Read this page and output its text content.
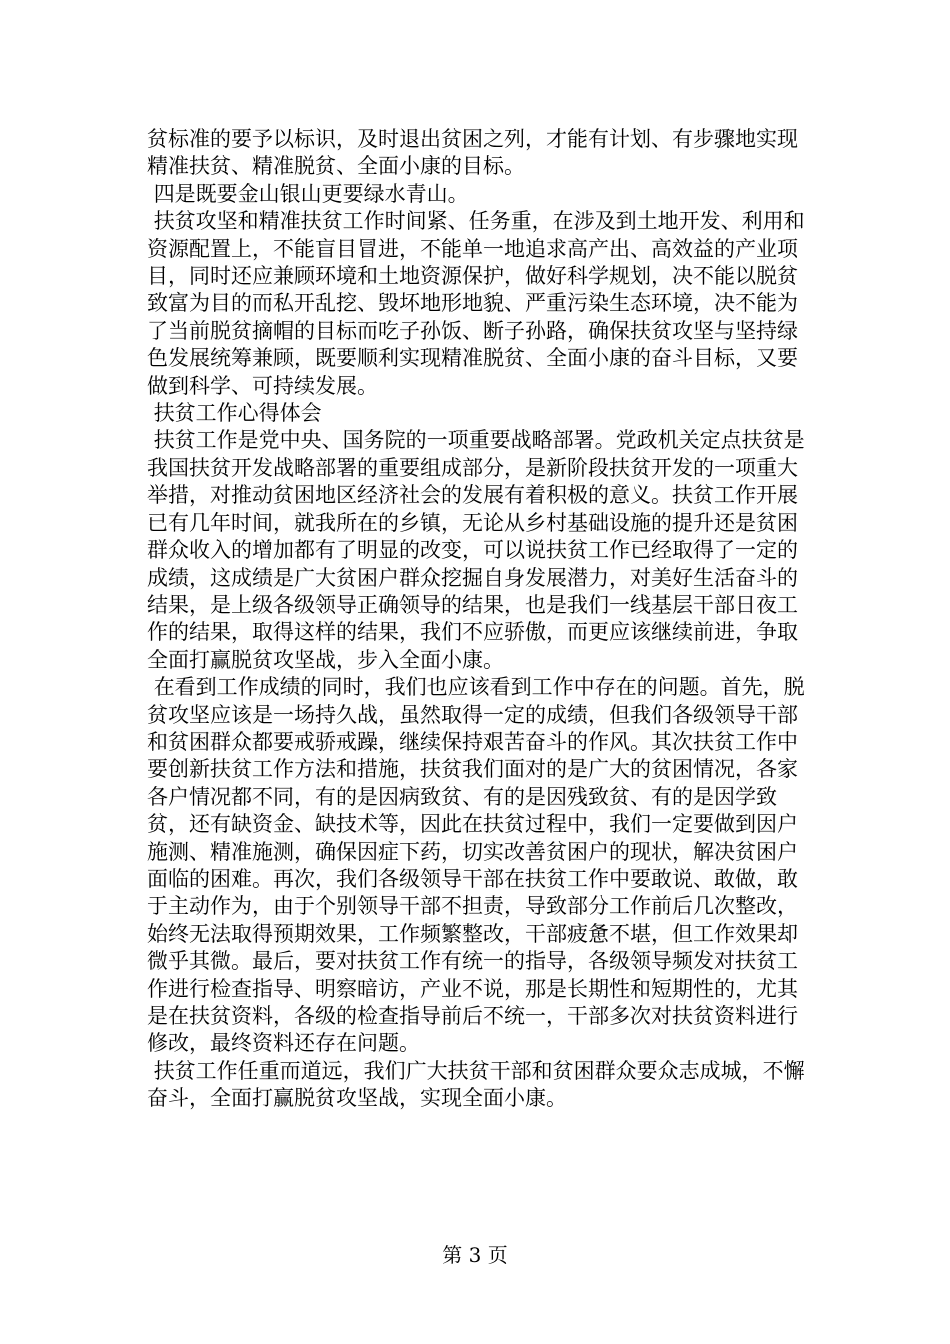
贫标准的要予以标识，及时退出贫困之列，才能有计划、有步骤地实现精准扶贫、精准脱贫、全面小康的目标。

四是既要金山银山更要绿水青山。

扶贫攻坚和精准扶贫工作时间紧、任务重，在涉及到土地开发、利用和资源配置上，不能盲目冒进，不能单一地追求高产出、高效益的产业项目，同时还应兼顾环境和土地资源保护，做好科学规划，决不能以脱贫致富为目的而私开乱挖、毁坏地形地貌、严重污染生态环境，决不能为了当前脱贫摘帽的目标而吃子孙饭、断子孙路，确保扶贫攻坚与坚持绿色发展统筹兼顾，既要顺利实现精准脱贫、全面小康的奋斗目标，又要做到科学、可持续发展。

扶贫工作心得体会

扶贫工作是党中央、国务院的一项重要战略部署。党政机关定点扶贫是我国扶贫开发战略部署的重要组成部分，是新阶段扶贫开发的一项重大举措，对推动贫困地区经济社会的发展有着积极的意义。扶贫工作开展已有几年时间，就我所在的乡镇，无论从乡村基础设施的提升还是贫困群众收入的增加都有了明显的改变，可以说扶贫工作已经取得了一定的成绩，这成绩是广大贫困户群众挖掘自身发展潜力，对美好生活奋斗的结果，是上级各级领导正确领导的结果，也是我们一线基层干部日夜工作的结果，取得这样的结果，我们不应骄傲，而更应该继续前进，争取全面打赢脱贫攻坚战，步入全面小康。

在看到工作成绩的同时，我们也应该看到工作中存在的问题。首先，脱贫攻坚应该是一场持久战，虽然取得一定的成绩，但我们各级领导干部和贫困群众都要戒骄戒躁，继续保持艰苦奋斗的作风。其次扶贫工作中要创新扶贫工作方法和措施，扶贫我们面对的是广大的贫困情况，各家各户情况都不同，有的是因病致贫、有的是因残致贫、有的是因学致贫，还有缺资金、缺技术等，因此在扶贫过程中，我们一定要做到因户施测、精准施测，确保因症下药，切实改善贫困户的现状，解决贫困户面临的困难。再次，我们各级领导干部在扶贫工作中要敢说、敢做，敢于主动作为，由于个别领导干部不担责，导致部分工作前后几次整改，始终无法取得预期效果，工作频繁整改，干部疲惫不堪，但工作效果却微乎其微。最后，要对扶贫工作有统一的指导，各级领导频发对扶贫工作进行检查指导、明察暗访，产业不说，那是长期性和短期性的，尤其是在扶贫资料，各级的检查指导前后不统一，干部多次对扶贫资料进行修改，最终资料还存在问题。

扶贫工作任重而道远，我们广大扶贫干部和贫困群众要众志成城，不懈奋斗，全面打赢脱贫攻坚战，实现全面小康。

第 3 页
